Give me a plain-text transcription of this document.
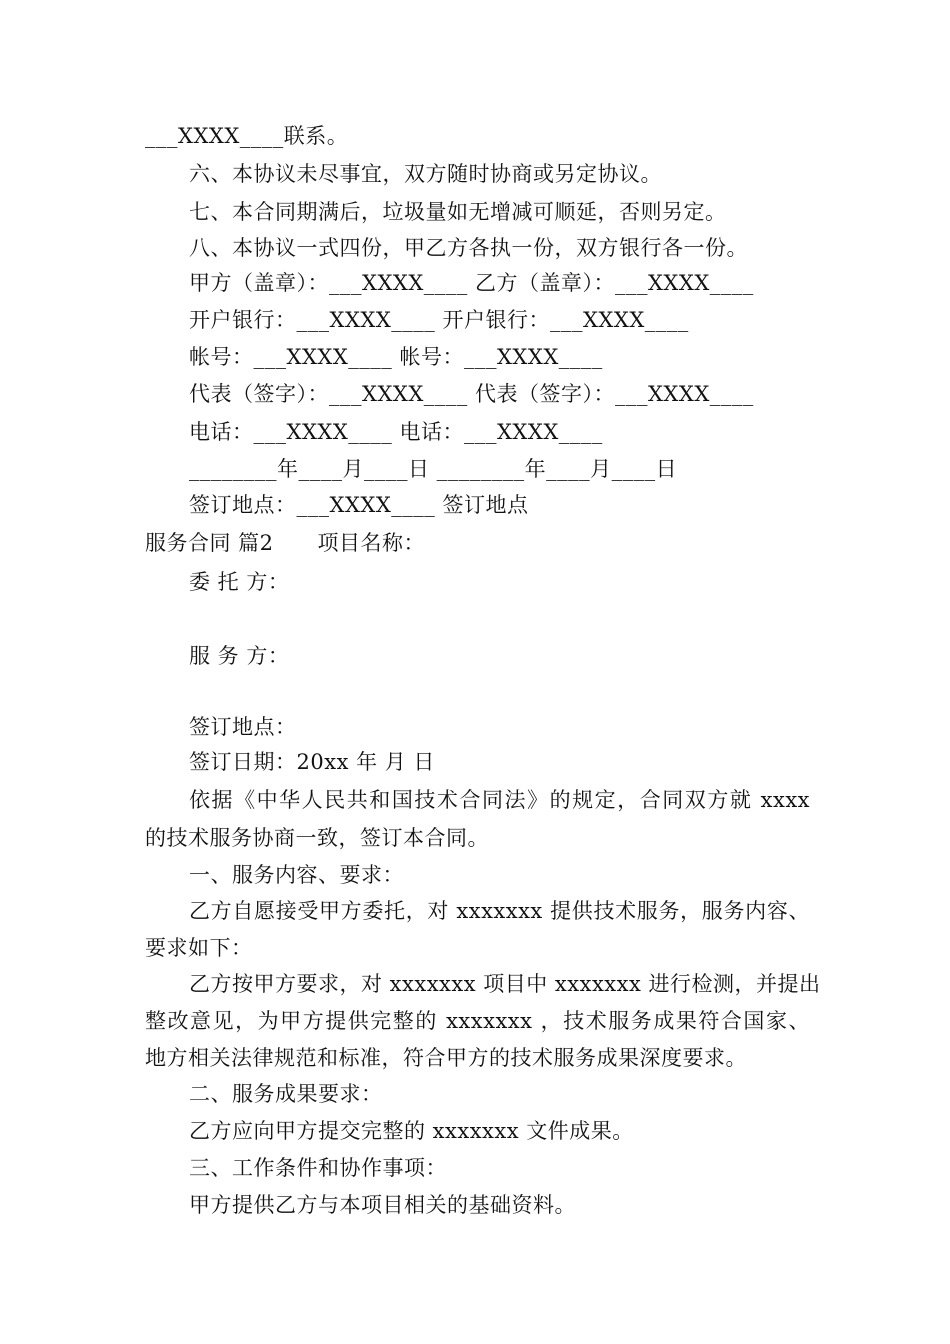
___XXXX____联系。
六、本协议未尽事宜，双方随时协商或另定协议。
七、本合同期满后，垃圾量如无增减可顺延，否则另定。
八、本协议一式四份，甲乙方各执一份，双方银行各一份。
甲方（盖章）：___XXXX____ 乙方（盖章）：___XXXX____
开户银行：___XXXX____ 开户银行：___XXXX____
帐号：___XXXX____ 帐号：___XXXX____
代表（签字）：___XXXX____ 代表（签字）：___XXXX____
电话：___XXXX____ 电话：___XXXX____
________年____月____日 ________年____月____日
签订地点：___XXXX____ 签订地点
服务合同 篇2 项目名称：
委 托 方：
服 务 方：
签订地点：
签订日期：20xx 年 月 日
依据《中华人民共和国技术合同法》的规定，合同双方就 xxxx
的技术服务协商一致，签订本合同。
一、服务内容、要求：
乙方自愿接受甲方委托，对 xxxxxxx 提供技术服务，服务内容、
要求如下：
乙方按甲方要求，对 xxxxxxx 项目中 xxxxxxx 进行检测，并提出
整改意见，为甲方提供完整的 xxxxxxx ，技术服务成果符合国家、
地方相关法律规范和标准，符合甲方的技术服务成果深度要求。
二、服务成果要求：
乙方应向甲方提交完整的 xxxxxxx 文件成果。
三、工作条件和协作事项：
甲方提供乙方与本项目相关的基础资料。
